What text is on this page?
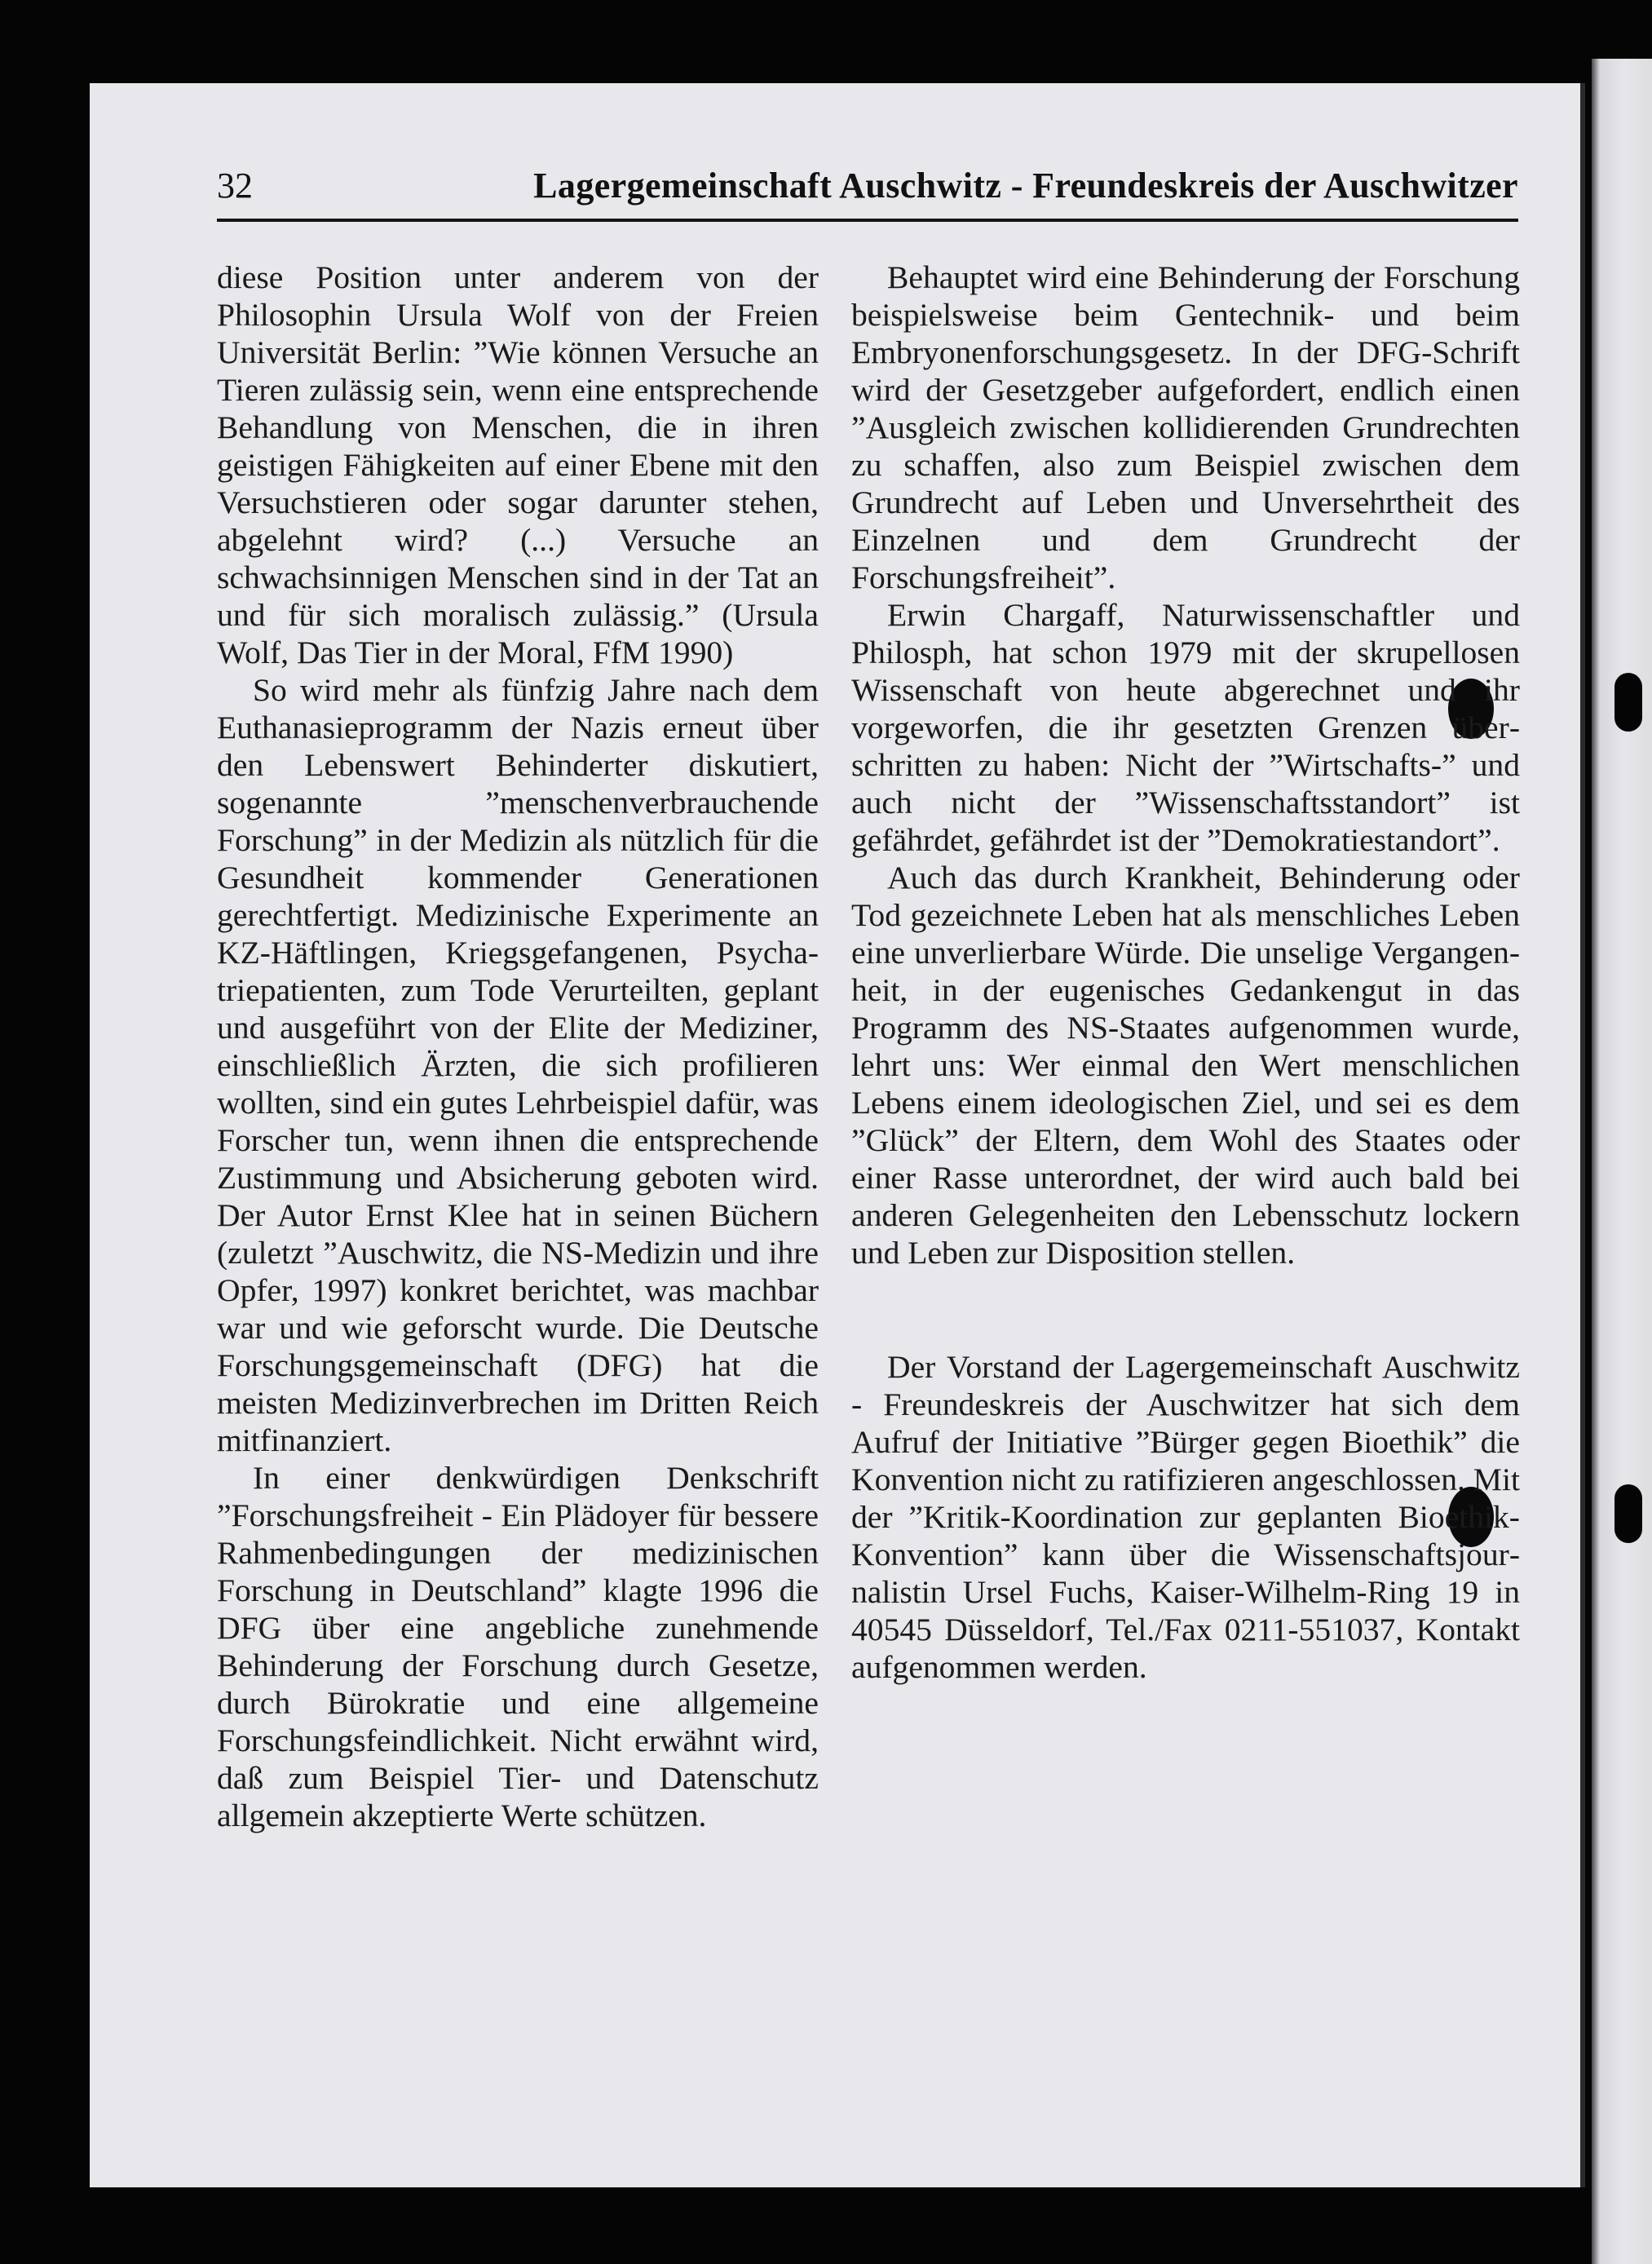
32	Lagergemeinschaft Auschwitz - Freundeskreis der Auschwitzer

diese Position unter anderem von der Philosophin Ursula Wolf von der Freien Universität Berlin: ”Wie können Versuche an Tieren zulässig sein, wenn eine entsprechende Behandlung von Menschen, die in ihren geistigen Fähigkeiten auf einer Ebene mit den Versuchstieren oder sogar darunter stehen, abgelehnt wird? (...) Versuche an schwachsinnigen Menschen sind in der Tat an und für sich moralisch zulässig.” (Ursula Wolf, Das Tier in der Moral, FfM 1990)

So wird mehr als fünfzig Jahre nach dem Euthanasieprogramm der Nazis erneut über den Lebenswert Behinderter diskutiert, sogenannte ”menschenverbrauchende Forschung” in der Medizin als nützlich für die Gesundheit kommender Generationen gerechtfertigt. Medizinische Experimente an KZ-Häftlingen, Kriegsgefangenen, Psychatriepatienten, zum Tode Verurteilten, geplant und ausgeführt von der Elite der Mediziner, einschließlich Ärzten, die sich profilieren wollten, sind ein gutes Lehrbeispiel dafür, was Forscher tun, wenn ihnen die entsprechende Zustimmung und Absicherung geboten wird. Der Autor Ernst Klee hat in seinen Büchern (zuletzt ”Auschwitz, die NS-Medizin und ihre Opfer, 1997) konkret berichtet, was machbar war und wie geforscht wurde. Die Deutsche Forschungsgemeinschaft (DFG) hat die meisten Medizinverbrechen im Dritten Reich mitfinanziert.

In einer denkwürdigen Denkschrift ”Forschungsfreiheit - Ein Plädoyer für bessere Rahmenbedingungen der medizinischen Forschung in Deutschland” klagte 1996 die DFG über eine angebliche zunehmende Behinderung der Forschung durch Gesetze, durch Bürokratie und eine allgemeine Forschungsfeindlichkeit. Nicht erwähnt wird, daß zum Beispiel Tier- und Datenschutz allgemein akzeptierte Werte schützen.

Behauptet wird eine Behinderung der Forschung beispielsweise beim Gentechnik- und beim Embryonenforschungsgesetz. In der DFG-Schrift wird der Gesetzgeber aufgefordert, endlich einen ”Ausgleich zwischen kollidierenden Grundrechten zu schaffen, also zum Beispiel zwischen dem Grundrecht auf Leben und Unversehrtheit des Einzelnen und dem Grundrecht der Forschungsfreiheit”.

Erwin Chargaff, Naturwissenschaftler und Philosph, hat schon 1979 mit der skrupellosen Wissenschaft von heute abgerechnet und ihr vorgeworfen, die ihr gesetzten Grenzen überschritten zu haben: Nicht der ”Wirtschafts-” und auch nicht der ”Wissenschaftsstandort” ist gefährdet, gefährdet ist der ”Demokratiestandort”.

Auch das durch Krankheit, Behinderung oder Tod gezeichnete Leben hat als menschliches Leben eine unverlierbare Würde. Die unselige Vergangenheit, in der eugenisches Gedankengut in das Programm des NS-Staates aufgenommen wurde, lehrt uns: Wer einmal den Wert menschlichen Lebens einem ideologischen Ziel, und sei es dem ”Glück” der Eltern, dem Wohl des Staates oder einer Rasse unterordnet, der wird auch bald bei anderen Gelegenheiten den Lebensschutz lockern und Leben zur Disposition stellen.

Der Vorstand der Lagergemeinschaft Auschwitz - Freundeskreis der Auschwitzer hat sich dem Aufruf der Initiative ”Bürger gegen Bioethik” die Konvention nicht zu ratifizieren angeschlossen. Mit der ”Kritik-Koordination zur geplanten Bioethik-Konvention” kann über die Wissenschaftsjournalistin Ursel Fuchs, Kaiser-Wilhelm-Ring 19 in 40545 Düsseldorf, Tel./Fax 0211-551037, Kontakt aufgenommen werden.
